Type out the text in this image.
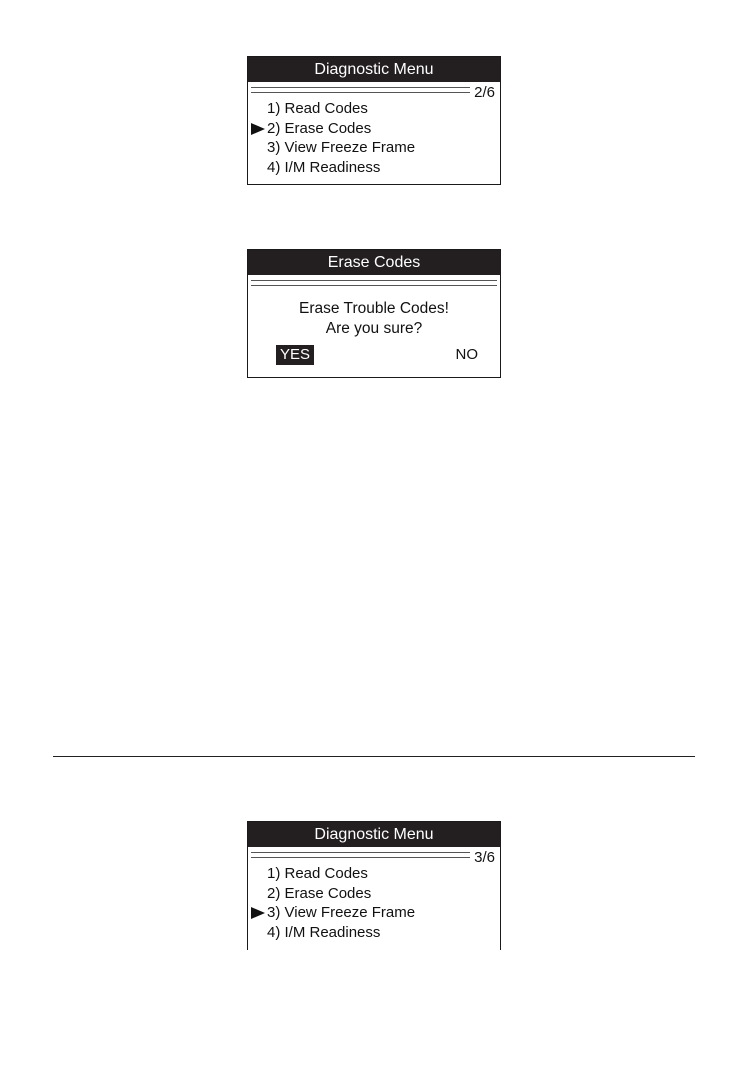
Diagnostic Menu
2/6
1) Read Codes
2) Erase Codes
3) View Freeze Frame
4) I/M Readiness
Erase Codes
Erase Trouble Codes!
Are you sure?
YES	NO
Diagnostic Menu
3/6
1) Read Codes
2) Erase Codes
3) View Freeze Frame
4) I/M Readiness
